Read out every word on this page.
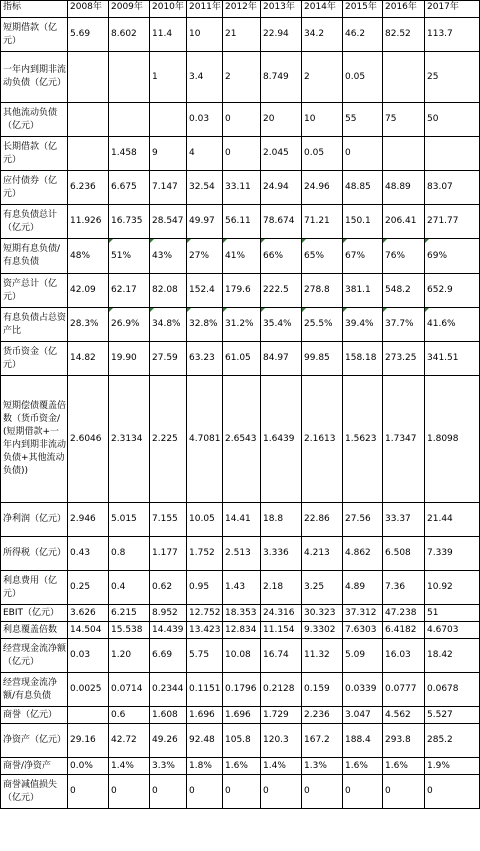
指标	2008年	2009年	2010年	2011年	2012年	2013年	2014年	2015年	2016年	2017年
短期借款（亿元）	5.69	8.602	11.4	10	21	22.94	34.2	46.2	82.52	113.7
一年内到期非流动负债（亿元）			1	3.4	2	8.749	2	0.05		25
其他流动负债（亿元）				0.03	0	20	10	55	75	50
长期借款（亿元）		1.458	9	4	0	2.045	0.05	0		
应付债券（亿元）	6.236	6.675	7.147	32.54	33.11	24.94	24.96	48.85	48.89	83.07
有息负债总计（亿元）	11.926	16.735	28.547	49.97	56.11	78.674	71.21	150.1	206.41	271.77
短期有息负债/有息负债	48%	51%	43%	27%	41%	66%	65%	67%	76%	69%
资产总计（亿元）	42.09	62.17	82.08	152.4	179.6	222.5	278.8	381.1	548.2	652.9
有息负债占总资产比	28.3%	26.9%	34.8%	32.8%	31.2%	35.4%	25.5%	39.4%	37.7%	41.6%
货币资金（亿元）	14.82	19.90	27.59	63.23	61.05	84.97	99.85	158.18	273.25	341.51
短期偿债覆盖倍数（货币资金/(短期借款+一年内到期非流动负债+其他流动负债))	2.6046	2.3134	2.225	4.7081	2.6543	1.6439	2.1613	1.5623	1.7347	1.8098
净利润（亿元）	2.946	5.015	7.155	10.05	14.41	18.8	22.86	27.56	33.37	21.44
所得税（亿元）	0.43	0.8	1.177	1.752	2.513	3.336	4.213	4.862	6.508	7.339
利息费用（亿元）	0.25	0.4	0.62	0.95	1.43	2.18	3.25	4.89	7.36	10.92
EBIT（亿元）	3.626	6.215	8.952	12.752	18.353	24.316	30.323	37.312	47.238	51
利息覆盖倍数	14.504	15.538	14.439	13.423	12.834	11.154	9.3302	7.6303	6.4182	4.6703
经营现金流净额（亿元）	0.03	1.20	6.69	5.75	10.08	16.74	11.32	5.09	16.03	18.42
经营现金流净额/有息负债	0.0025	0.0714	0.2344	0.1151	0.1796	0.2128	0.159	0.0339	0.0777	0.0678
商誉（亿元）		0.6	1.608	1.696	1.696	1.729	2.236	3.047	4.562	5.527
净资产（亿元）	29.16	42.72	49.26	92.48	105.8	120.3	167.2	188.4	293.8	285.2
商誉/净资产	0.0%	1.4%	3.3%	1.8%	1.6%	1.4%	1.3%	1.6%	1.6%	1.9%
商誉减值损失（亿元）	0	0	0	0	0	0	0	0	0	0
